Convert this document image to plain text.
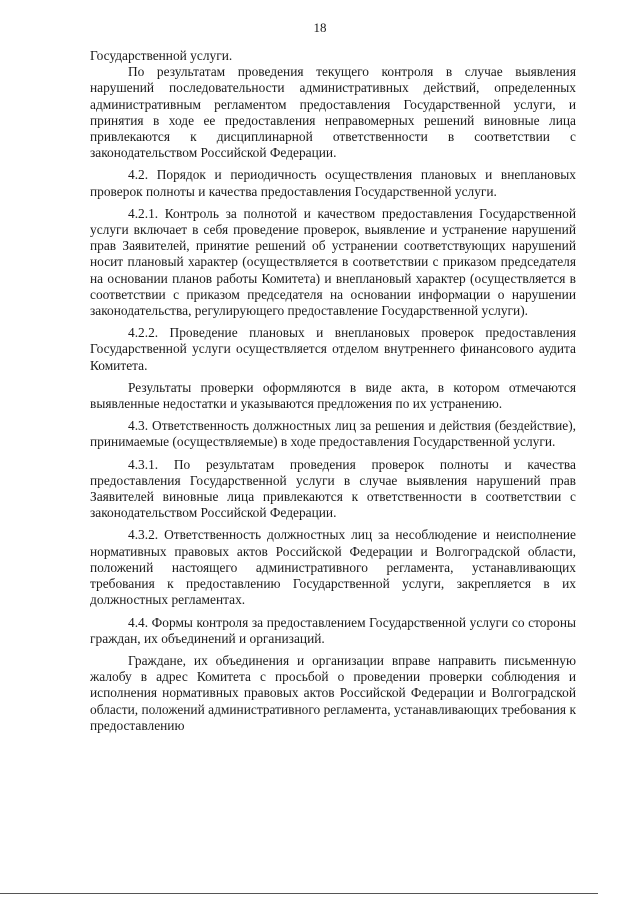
18

Государственной услуги.

По результатам проведения текущего контроля в случае выявления нарушений последовательности административных действий, определенных административным регламентом предоставления Государственной услуги, и принятия в ходе ее предоставления неправомерных решений виновные лица привлекаются к дисциплинарной ответственности в соответствии с законодательством Российской Федерации.

4.2. Порядок и периодичность осуществления плановых и внеплановых проверок полноты и качества предоставления Государственной услуги.

4.2.1. Контроль за полнотой и качеством предоставления Государственной услуги включает в себя проведение проверок, выявление и устранение нарушений прав Заявителей, принятие решений об устранении соответствующих нарушений носит плановый характер (осуществляется в соответствии с приказом председателя на основании планов работы Комитета) и внеплановый характер (осуществляется в соответствии с приказом председателя на основании информации о нарушении законодательства, регулирующего предоставление Государственной услуги).

4.2.2. Проведение плановых и внеплановых проверок предоставления Государственной услуги осуществляется отделом внутреннего финансового аудита Комитета.

Результаты проверки оформляются в виде акта, в котором отмечаются выявленные недостатки и указываются предложения по их устранению.

4.3. Ответственность должностных лиц за решения и действия (бездействие), принимаемые (осуществляемые) в ходе предоставления Государственной услуги.

4.3.1. По результатам проведения проверок полноты и качества предоставления Государственной услуги в случае выявления нарушений прав Заявителей виновные лица привлекаются к ответственности в соответствии с законодательством Российской Федерации.

4.3.2. Ответственность должностных лиц за несоблюдение и неисполнение нормативных правовых актов Российской Федерации и Волгоградской области, положений настоящего административного регламента, устанавливающих требования к предоставлению Государственной услуги, закрепляется в их должностных регламентах.

4.4. Формы контроля за предоставлением Государственной услуги со стороны граждан, их объединений и организаций.

Граждане, их объединения и организации вправе направить письменную жалобу в адрес Комитета с просьбой о проведении проверки соблюдения и исполнения нормативных правовых актов Российской Федерации и Волгоградской области, положений административного регламента, устанавливающих требования к предоставлению
